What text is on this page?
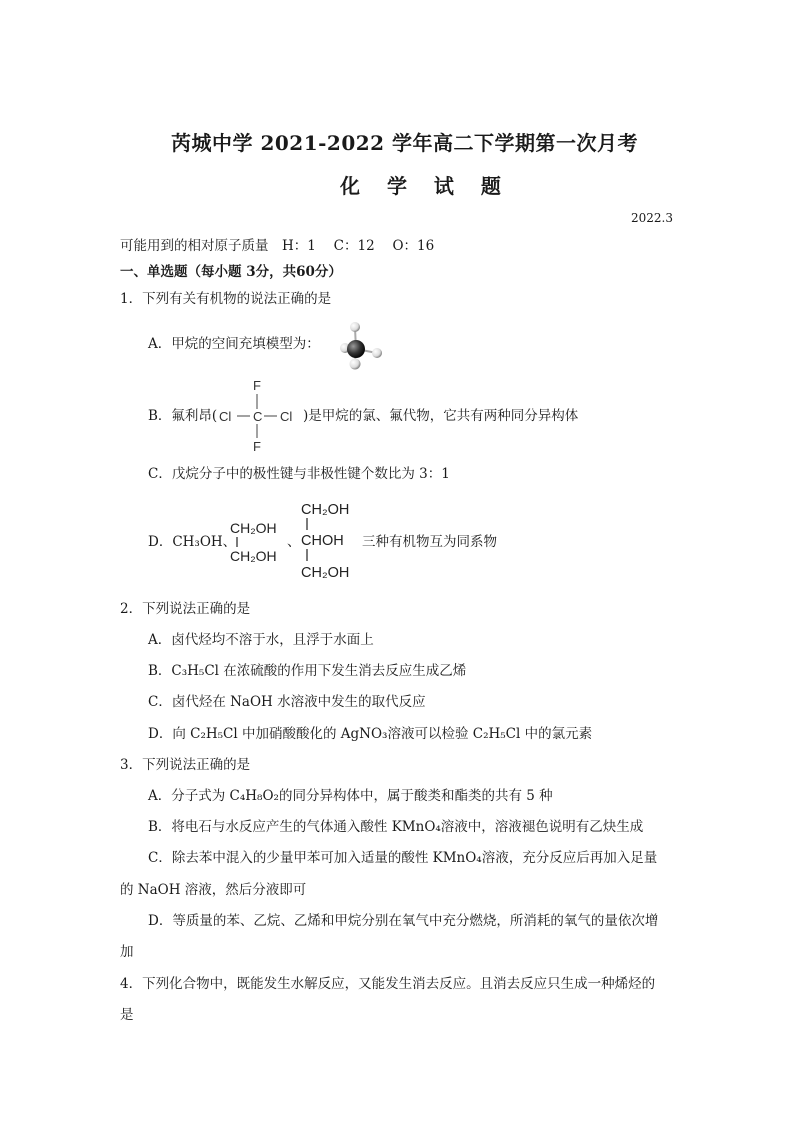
芮城中学 2021-2022 学年高二下学期第一次月考
化 学 试 题
2022.3
可能用到的相对原子质量　H：1　 C：12　 O：16
一、单选题（每小题 3分，共60分）
1．下列有关有机物的说法正确的是
A．甲烷的空间充填模型为：
B．氟利昂(
F
Cl C Cl
F
)是甲烷的氯、氟代物，它共有两种同分异构体
C．戊烷分子中的极性键与非极性键个数比为 3：1
D．CH₃OH、
CH₂OH
CH₂OH
、
CH₂OH
CHOH
CH₂OH
三种有机物互为同系物
2．下列说法正确的是
A．卤代烃均不溶于水，且浮于水面上
B．C₃H₅Cl 在浓硫酸的作用下发生消去反应生成乙烯
C．卤代烃在 NaOH 水溶液中发生的取代反应
D．向 C₂H₅Cl 中加硝酸酸化的 AgNO₃溶液可以检验 C₂H₅Cl 中的氯元素
3．下列说法正确的是
A．分子式为 C₄H₈O₂的同分异构体中，属于酸类和酯类的共有 5 种
B．将电石与水反应产生的气体通入酸性 KMnO₄溶液中，溶液褪色说明有乙炔生成
C．除去苯中混入的少量甲苯可加入适量的酸性 KMnO₄溶液，充分反应后再加入足量
的 NaOH 溶液，然后分液即可
D．等质量的苯、乙烷、乙烯和甲烷分别在氧气中充分燃烧，所消耗的氧气的量依次增
加
4．下列化合物中，既能发生水解反应，又能发生消去反应。且消去反应只生成一种烯烃的
是
